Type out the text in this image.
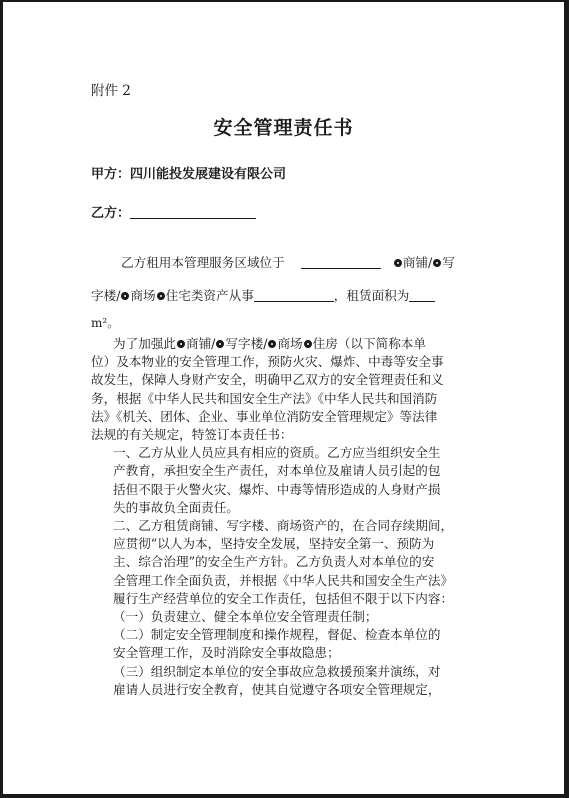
附件 2
安全管理责任书
甲方：四川能投发展建设有限公司
乙方：
乙方租用本管理服务区域位于	商铺/ 写
字楼/ 商场 住宅类资产从事	，租赁面积为
m²。

为了加强此 商铺/ 写字楼/ 商场 住房（以下简称本单

位）及本物业的安全管理工作，预防火灾、爆炸、中毒等安全事

故发生，保障人身财产安全，明确甲乙双方的安全管理责任和义

务，根据《中华人民共和国安全生产法》《中华人民共和国消防

法》《机关、团体、企业、事业单位消防安全管理规定》等法律

法规的有关规定，特签订本责任书：

一、乙方从业人员应具有相应的资质。乙方应当组织安全生

产教育，承担安全生产责任，对本单位及雇请人员引起的包

括但不限于火警火灾、爆炸、中毒等情形造成的人身财产损

失的事故负全面责任。

二、乙方租赁商铺、写字楼、商场资产的，在合同存续期间，

应贯彻“以人为本，坚持安全发展，坚持安全第一、预防为

主、综合治理”的安全生产方针。乙方负责人对本单位的安

全管理工作全面负责，并根据《中华人民共和国安全生产法》

履行生产经营单位的安全工作责任，包括但不限于以下内容：

（一）负责建立、健全本单位安全管理责任制；

（二）制定安全管理制度和操作规程，督促、检查本单位的

安全管理工作，及时消除安全事故隐患；

（三）组织制定本单位的安全事故应急救援预案并演练，对

雇请人员进行安全教育，使其自觉遵守各项安全管理规定，
